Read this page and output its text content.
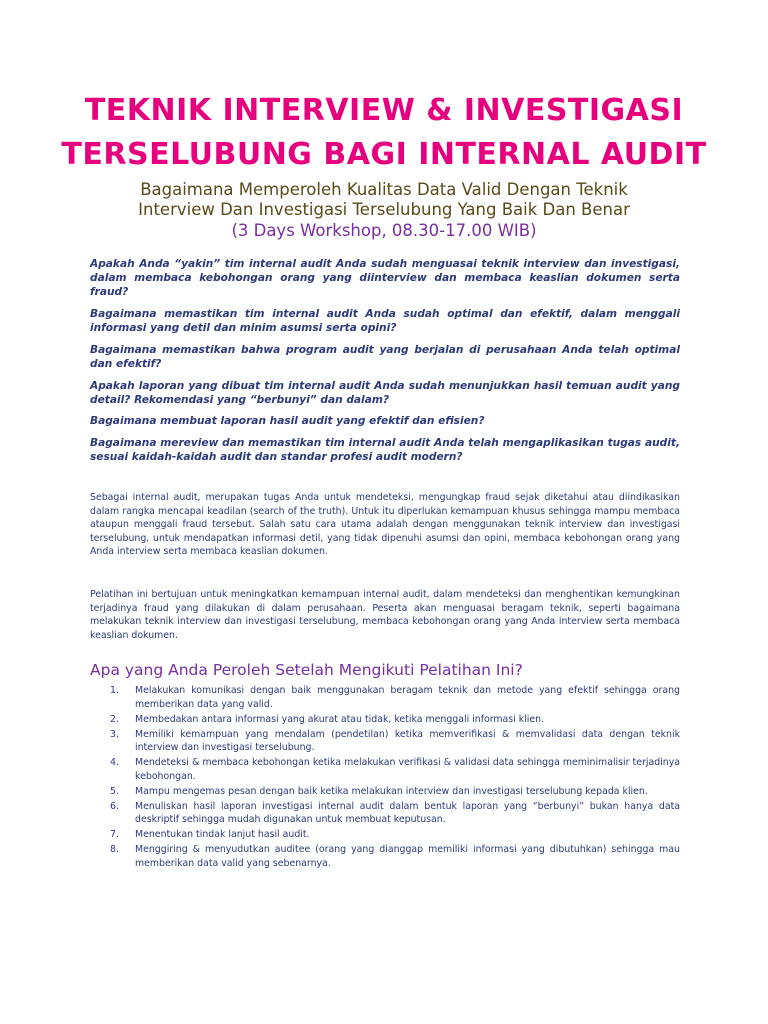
TEKNIK INTERVIEW & INVESTIGASI
TERSELUBUNG BAGI INTERNAL AUDIT
Bagaimana Memperoleh Kualitas Data Valid Dengan Teknik
Interview Dan Investigasi Terselubung Yang Baik Dan Benar
(3 Days Workshop, 08.30-17.00 WIB)

Apakah Anda “yakin” tim internal audit Anda sudah menguasai teknik interview dan investigasi, dalam membaca kebohongan orang yang diinterview dan membaca keaslian dokumen serta fraud?

Bagaimana memastikan tim internal audit Anda sudah optimal dan efektif, dalam menggali informasi yang detil dan minim asumsi serta opini?

Bagaimana memastikan bahwa program audit yang berjalan di perusahaan Anda telah optimal dan efektif?

Apakah laporan yang dibuat tim internal audit Anda sudah menunjukkan hasil temuan audit yang detail? Rekomendasi yang “berbunyi” dan dalam?

Bagaimana membuat laporan hasil audit yang efektif dan efisien?

Bagaimana mereview dan memastikan tim internal audit Anda telah mengaplikasikan tugas audit, sesuai kaidah-kaidah audit dan standar profesi audit modern?

Sebagai internal audit, merupakan tugas Anda untuk mendeteksi, mengungkap fraud sejak diketahui atau diindikasikan dalam rangka mencapai keadilan (search of the truth). Untuk itu diperlukan kemampuan khusus sehingga mampu membaca ataupun menggali fraud tersebut. Salah satu cara utama adalah dengan menggunakan teknik interview dan investigasi terselubung, untuk mendapatkan informasi detil, yang tidak dipenuhi asumsi dan opini, membaca kebohongan orang yang Anda interview serta membaca keaslian dokumen.

Pelatihan ini bertujuan untuk meningkatkan kemampuan internal audit, dalam mendeteksi dan menghentikan kemungkinan terjadinya fraud yang dilakukan di dalam perusahaan. Peserta akan menguasai beragam teknik, seperti bagaimana melakukan teknik interview dan investigasi terselubung, membaca kebohongan orang yang Anda interview serta membaca keaslian dokumen.

Apa yang Anda Peroleh Setelah Mengikuti Pelatihan Ini?
1.	Melakukan komunikasi dengan baik menggunakan beragam teknik dan metode yang efektif sehingga orang memberikan data yang valid.
2.	Membedakan antara informasi yang akurat atau tidak, ketika menggali informasi klien.
3.	Memiliki kemampuan yang mendalam (pendetilan) ketika memverifikasi & memvalidasi data dengan teknik interview dan investigasi terselubung.
4.	Mendeteksi & membaca kebohongan ketika melakukan verifikasi & validasi data sehingga meminimalisir terjadinya kebohongan.
5.	Mampu mengemas pesan dengan baik ketika melakukan interview dan investigasi terselubung kepada klien.
6.	Menuliskan hasil laporan investigasi internal audit dalam bentuk laporan yang “berbunyi” bukan hanya data deskriptif sehingga mudah digunakan untuk membuat keputusan.
7.	Menentukan tindak lanjut hasil audit.
8.	Menggiring & menyudutkan auditee (orang yang dianggap memiliki informasi yang dibutuhkan) sehingga mau memberikan data valid yang sebenarnya.
